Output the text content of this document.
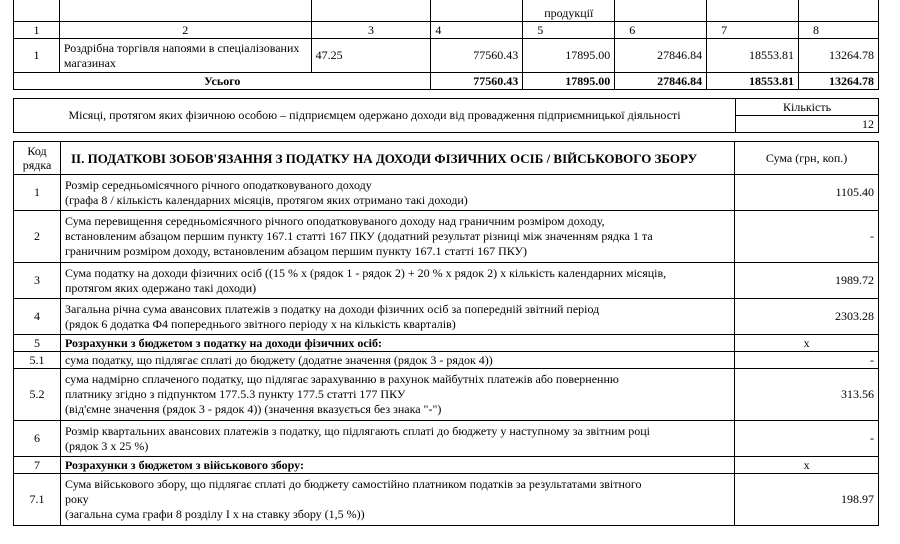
				продукції			
1	2	3	4	5	6	7	8
1	Роздрібна торгівля напоями в спеціалізованих магазинах	47.25	77560.43	17895.00	27846.84	18553.81	13264.78
Усього			77560.43	17895.00	27846.84	18553.81	13264.78
Місяці, протягом яких фізичною особою – підприємцем одержано доходи від провадження підприємницької діяльності	Кількість
12
Код рядка	ІІ. ПОДАТКОВІ ЗОБОВ'ЯЗАННЯ З ПОДАТКУ НА ДОХОДИ ФІЗИЧНИХ ОСІБ / ВІЙСЬКОВОГО ЗБОРУ	Сума (грн, коп.)
1	Розмір середньомісячного річного оподатковуваного доходу
(графа 8 / кількість календарних місяців, протягом яких отримано такі доходи)	1105.40
2	Сума перевищення середньомісячного річного оподатковуваного доходу над граничним розміром доходу,
встановленим абзацом першим пункту 167.1 статті 167 ПКУ (додатний результат різниці між значенням рядка 1 та
граничним розміром доходу, встановленим абзацом першим пункту 167.1 статті 167 ПКУ)	-
3	Сума податку на доходи фізичних осіб ((15 % х (рядок 1 - рядок 2) + 20 % х рядок 2) х кількість календарних місяців,
протягом яких одержано такі доходи)	1989.72
4	Загальна річна сума авансових платежів з податку на доходи фізичних осіб за попередній звітний період
(рядок 6 додатка Ф4 попереднього звітного періоду х на кількість кварталів)	2303.28
5	Розрахунки з бюджетом з податку на доходи фізичних осіб:	х
5.1	сума податку, що підлягає сплаті до бюджету (додатне значення (рядок 3 - рядок 4))	-
5.2	сума надмірно сплаченого податку, що підлягає зарахуванню в рахунок майбутніх платежів або поверненню
платнику згідно з підпунктом 177.5.3 пункту 177.5 статті 177 ПКУ
(від'ємне значення (рядок 3 - рядок 4)) (значення вказується без знака "-")	313.56
6	Розмір квартальних авансових платежів з податку, що підлягають сплаті до бюджету у наступному за звітним році
(рядок 3 х 25 %)	-
7	Розрахунки з бюджетом з військового збору:	х
7.1	Сума військового збору, що підлягає сплаті до бюджету самостійно платником податків за результатами звітного
року
(загальна сума графи 8 розділу І х на ставку збору (1,5 %))	198.97
